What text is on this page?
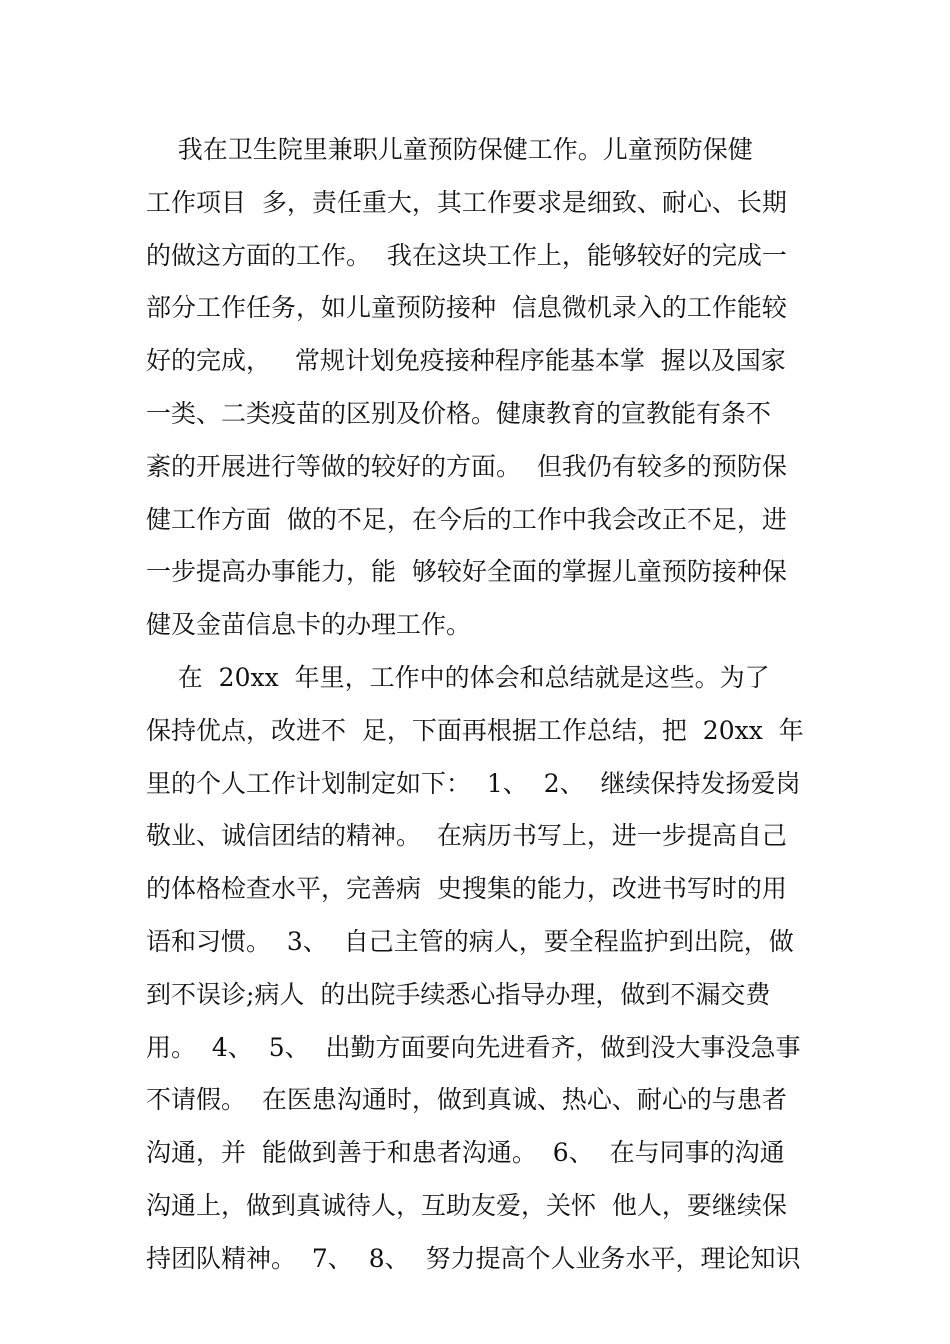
我在卫生院里兼职儿童预防保健工作。儿童预防保健
工作项目  多，责任重大，其工作要求是细致、耐心、长期
的做这方面的工作。  我在这块工作上，能够较好的完成一
部分工作任务，如儿童预防接种  信息微机录入的工作能较
好的完成，   常规计划免疫接种程序能基本掌  握以及国家
一类、二类疫苗的区别及价格。健康教育的宣教能有条不
紊的开展进行等做的较好的方面。  但我仍有较多的预防保
健工作方面  做的不足，在今后的工作中我会改正不足，进
一步提高办事能力，能  够较好全面的掌握儿童预防接种保
健及金苗信息卡的办理工作。
在  20xx  年里，工作中的体会和总结就是这些。为了
保持优点，改进不  足，下面再根据工作总结，把  20xx  年
里的个人工作计划制定如下：  1、  2、  继续保持发扬爱岗
敬业、诚信团结的精神。  在病历书写上，进一步提高自己
的体格检查水平，完善病  史搜集的能力，改进书写时的用
语和习惯。  3、  自己主管的病人，要全程监护到出院，做
到不误诊;病人  的出院手续悉心指导办理，做到不漏交费
用。  4、  5、  出勤方面要向先进看齐，做到没大事没急事
不请假。  在医患沟通时，做到真诚、热心、耐心的与患者
沟通，并  能做到善于和患者沟通。  6、  在与同事的沟通
沟通上，做到真诚待人，互助友爱，关怀  他人，要继续保
持团队精神。  7、  8、  努力提高个人业务水平，理论知识
